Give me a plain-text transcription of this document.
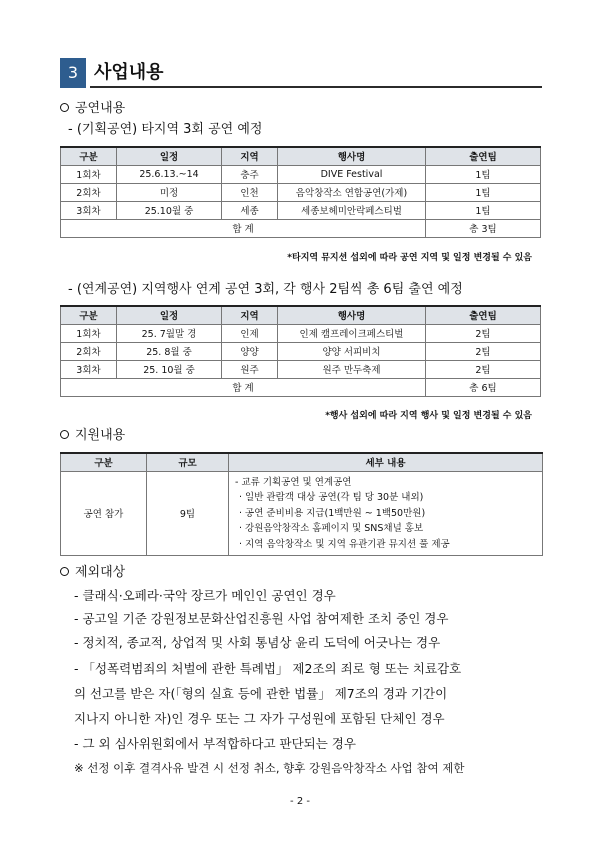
3 사업내용
공연내용
- (기획공연) 타지역 3회 공연 예정
구분	일정	지역	행사명	출연팀
1회차	25.6.13.~14	충주	DIVE Festival	1팀
2회차	미정	인천	음악창작소 연합공연(가제)	1팀
3회차	25.10월 중	세종	세종보헤미안락페스티벌	1팀
합 계				총 3팀
*타지역 뮤지션 섭외에 따라 공연 지역 및 일정 변경될 수 있음
- (연계공연) 지역행사 연계 공연 3회, 각 행사 2팀씩 총 6팀 출연 예정
구분	일정	지역	행사명	출연팀
1회차	25. 7월말 경	인제	인제 캠프레이크페스티벌	2팀
2회차	25. 8월 중	양양	양양 서피비치	2팀
3회차	25. 10월 중	원주	원주 만두축제	2팀
합 계				총 6팀
*행사 섭외에 따라 지역 행사 및 일정 변경될 수 있음
지원내용
구분	규모	세부 내용
공연 참가	9팀	- 교류 기획공연 및 연계공연
· 일반 관람객 대상 공연(각 팀 당 30분 내외)
· 공연 준비비용 지급(1백만원 ~ 1백50만원)
· 강원음악창작소 홈페이지 및 SNS채널 홍보
· 지역 음악창작소 및 지역 유관기관 뮤지션 풀 제공
제외대상
- 클래식·오페라·국악 장르가 메인인 공연인 경우
- 공고일 기준 강원정보문화산업진흥원 사업 참여제한 조치 중인 경우
- 정치적, 종교적, 상업적 및 사회 통념상 윤리 도덕에 어긋나는 경우
- 「성폭력범죄의 처벌에 관한 특례법」 제2조의 죄로 형 또는 치료감호
의 선고를 받은 자(「형의 실효 등에 관한 법률」 제7조의 경과 기간이
지나지 아니한 자)인 경우 또는 그 자가 구성원에 포함된 단체인 경우
- 그 외 심사위원회에서 부적합하다고 판단되는 경우
※ 선정 이후 결격사유 발견 시 선정 취소, 향후 강원음악창작소 사업 참여 제한
- 2 -
